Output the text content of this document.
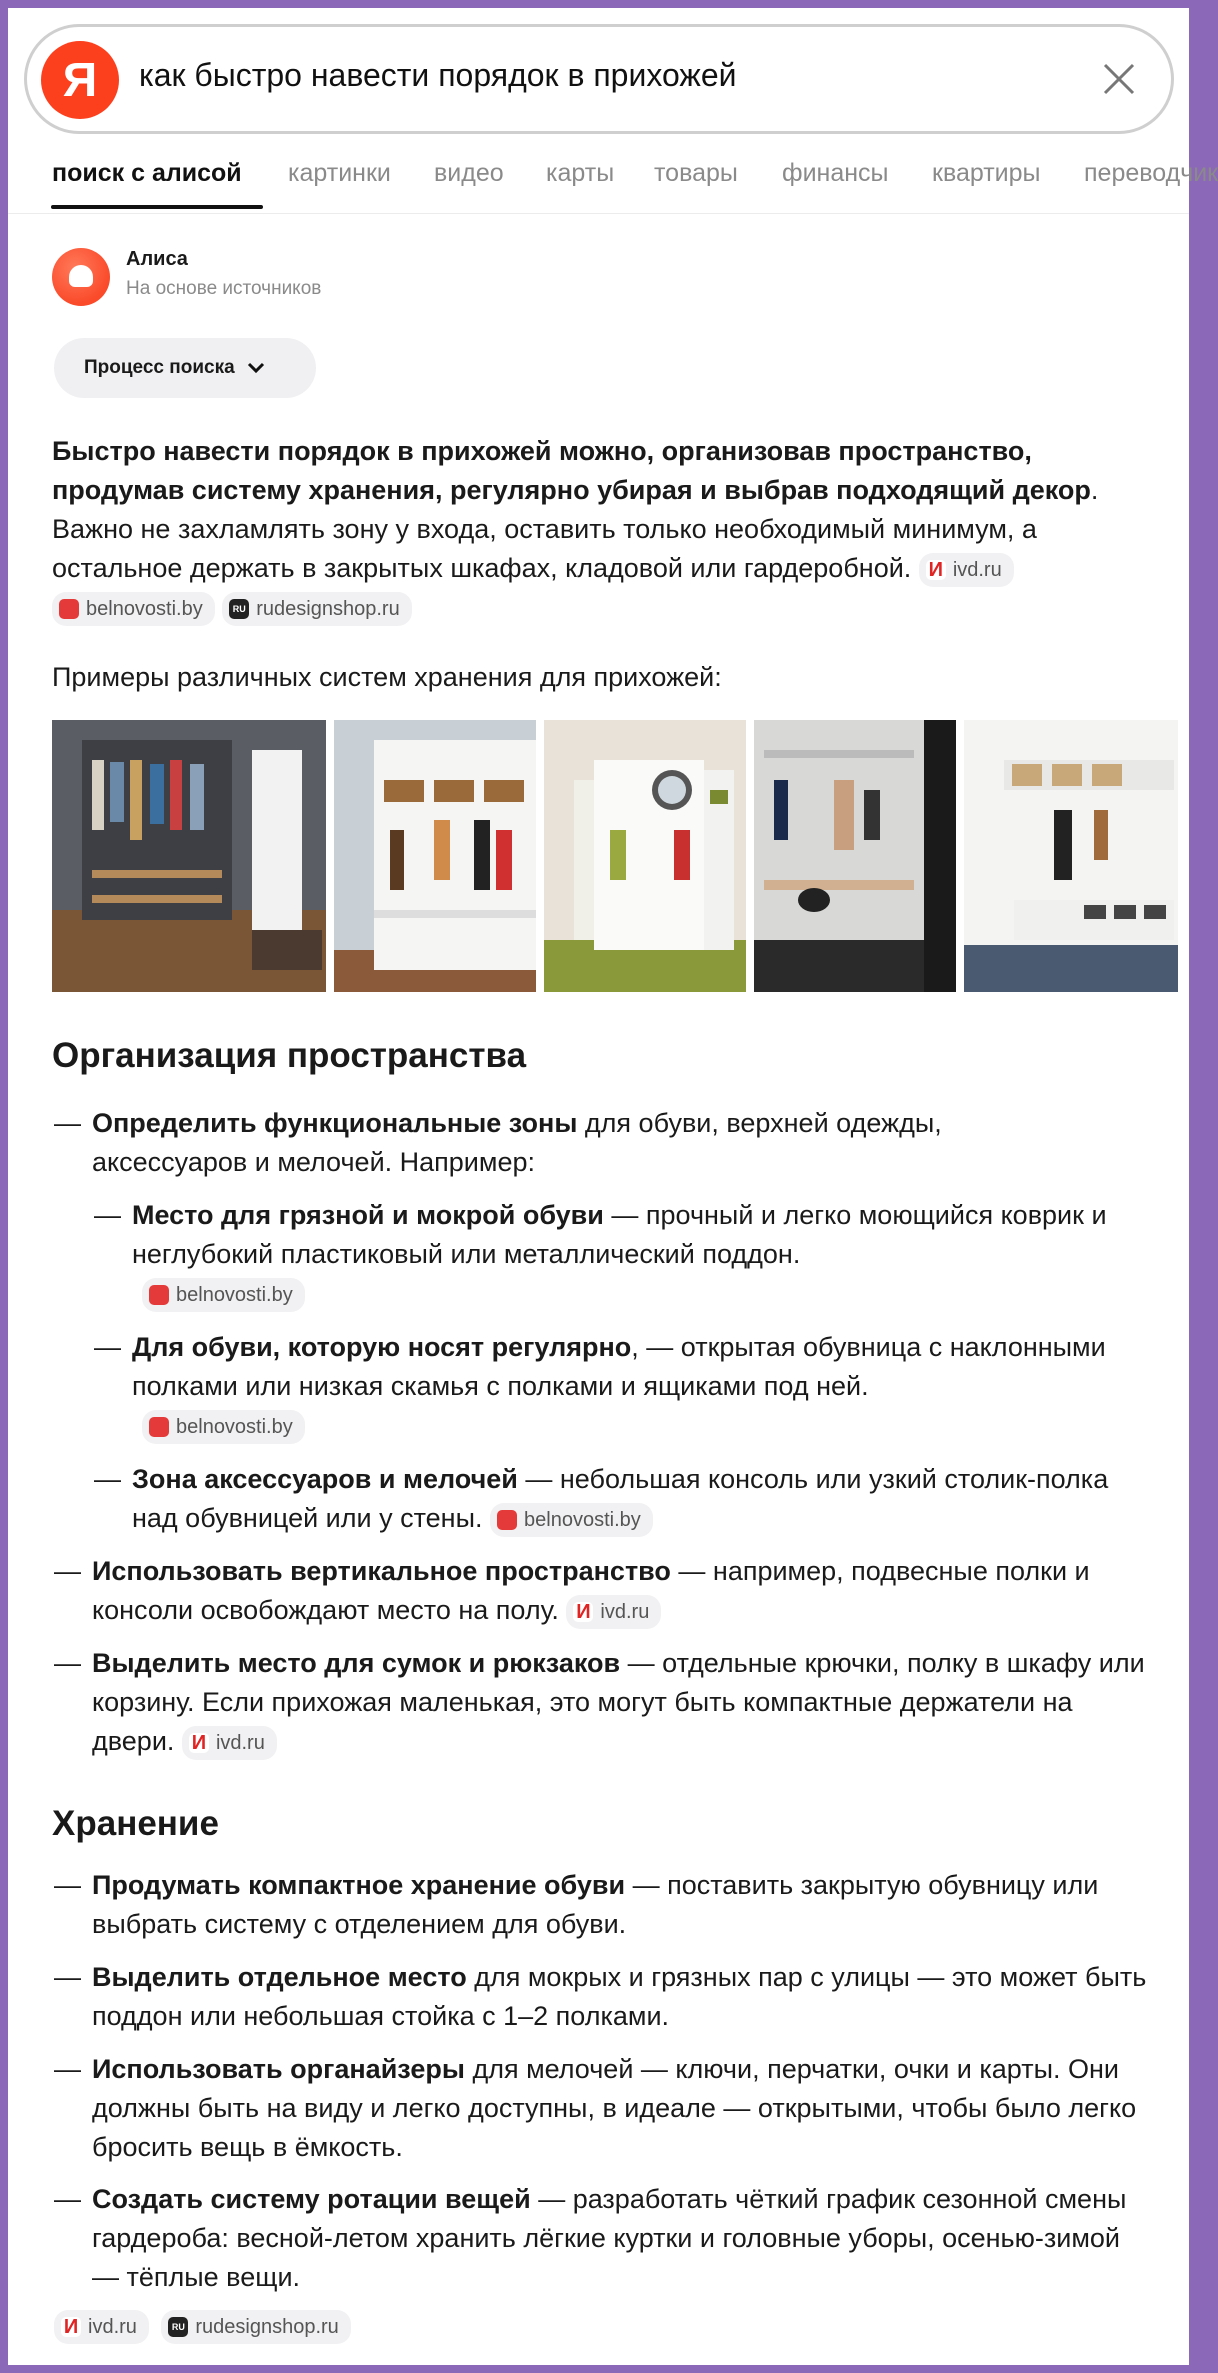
Я	как быстро навести порядок в прихожей
поиск с алисой картинки видео карты товары финансы квартиры переводчик
Алиса
На основе источников
Процесс поиска
Быстро навести порядок в прихожей можно, организовав пространство, продумав систему хранения, регулярно убирая и выбрав подходящий декор. Важно не захламлять зону у входа, оставить только необходимый минимум, а остальное держать в закрытых шкафах, кладовой или гардеробной. И ivd.ru

belnovosti.by
	RU rudesignshop.ru
Примеры различных систем хранения для прихожей:
Организация пространства
— Определить функциональные зоны для обуви, верхней одежды, аксессуаров и мелочей. Например:
— Место для грязной и мокрой обуви — прочный и легко моющийся коврик и неглубокий пластиковый или металлический поддон.

belnovosti.by
— Для обуви, которую носят регулярно, — открытая обувница с наклонными полками или низкая скамья с полками и ящиками под ней.

belnovosti.by
— Зона аксессуаров и мелочей — небольшая консоль или узкий столик-полка над обувницей или у стены. belnovosti.by
— Использовать вертикальное пространство — например, подвесные полки и консоли освобождают место на полу. И ivd.ru
— Выделить место для сумок и рюкзаков — отдельные крючки, полку в шкафу или корзину. Если прихожая маленькая, это могут быть компактные держатели на двери. И ivd.ru
Хранение
— Продумать компактное хранение обуви — поставить закрытую обувницу или выбрать систему с отделением для обуви.
— Выделить отдельное место для мокрых и грязных пар с улицы — это может быть поддон или небольшая стойка с 1–2 полками.
— Использовать органайзеры для мелочей — ключи, перчатки, очки и карты. Они должны быть на виду и легко доступны, в идеале — открытыми, чтобы было легко бросить вещь в ёмкость.
— Создать систему ротации вещей — разработать чёткий график сезонной смены гардероба: весной-летом хранить лёгкие куртки и головные уборы, осенью-зимой — тёплые вещи.
И ivd.ru
	RU rudesignshop.ru
